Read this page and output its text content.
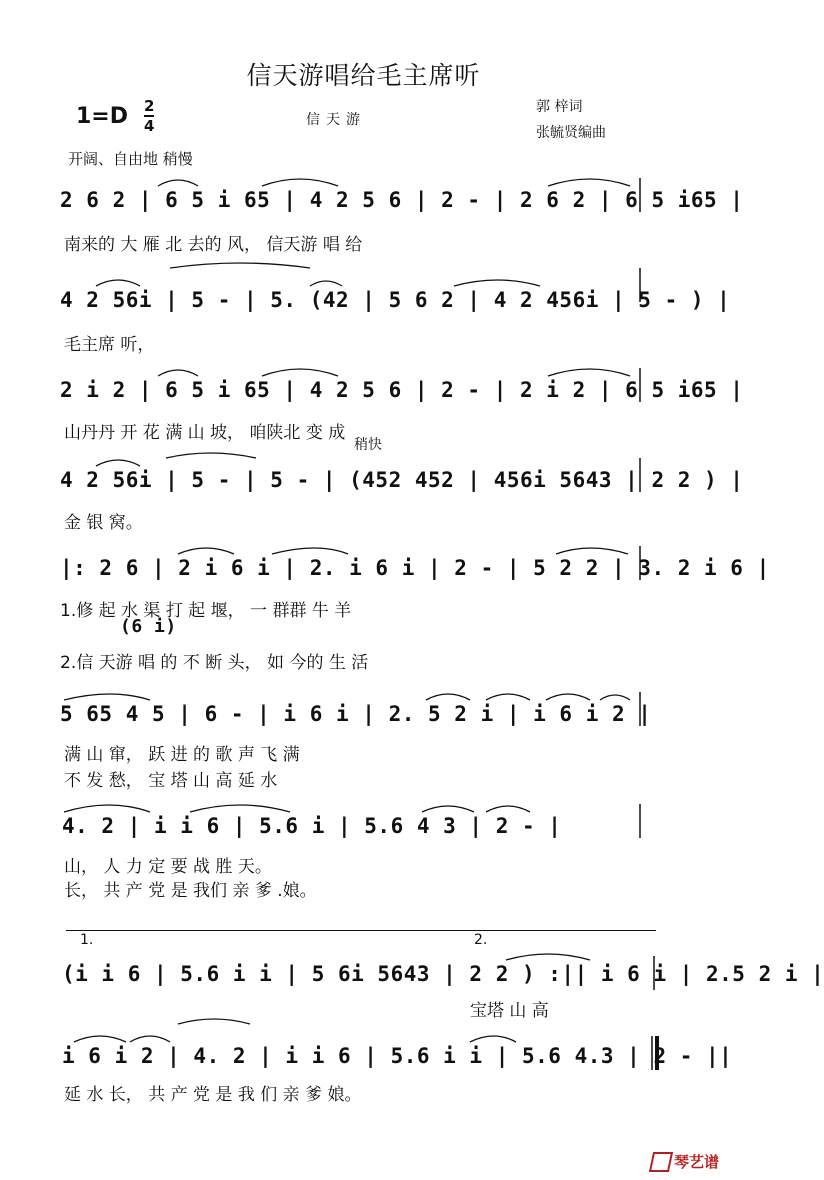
信天游唱给毛主席听
1=D 2
4	信天游
郭 梓词
张毓贤编曲
开阔、自由地 稍慢
稍快
2 6 2 | 6 5 i 65 | 4 2 5 6 | 2 - | 2 6 2 | 6 5 i65 |
南来的 大 雁 北 去的 风， 信天游 唱 给
4 2 56i | 5 - | 5. (42 | 5 6 2 | 4 2 456i | 5 - ) |
毛主席 听，
2 i 2 | 6 5 i 65 | 4 2 5 6 | 2 - | 2 i 2 | 6 5 i65 |
山丹丹 开 花 满 山 坡， 咱陕北 变 成
4 2 56i | 5 - | 5 - | (452 452 | 456i 5643 | 2 2 ) |
金 银 窝。
|: 2 6 | 2 i 6 i | 2. i 6 i | 2 - | 5 2 2 | 3. 2 i 6 |
1.修 起 水 渠 打 起 堰， 一 群群 牛 羊
(6 i)
2.信 天游 唱 的 不 断 头， 如 今的 生 活
5 65 4 5 | 6 - | i 6 i | 2. 5 2 i | i 6 i 2 |
满 山 窜， 跃 进 的 歌 声 飞 满
不 发 愁， 宝 塔 山 高 延 水
4. 2 | i i 6 | 5.6 i | 5.6 4 3 | 2 - |
山， 人 力 定 要 战 胜 天。
长， 共 产 党 是 我们 亲 爹 .娘。
1.	2.
(i i 6 | 5.6 i i | 5 6i 5643 | 2 2 ) :|| i 6 i | 2.5 2 i |
宝塔 山 高
i 6 i 2 | 4. 2 | i i 6 | 5.6 i i | 5.6 4.3 | 2 - ||
延 水 长， 共 产 党 是 我 们 亲 爹 娘。
琴艺谱
